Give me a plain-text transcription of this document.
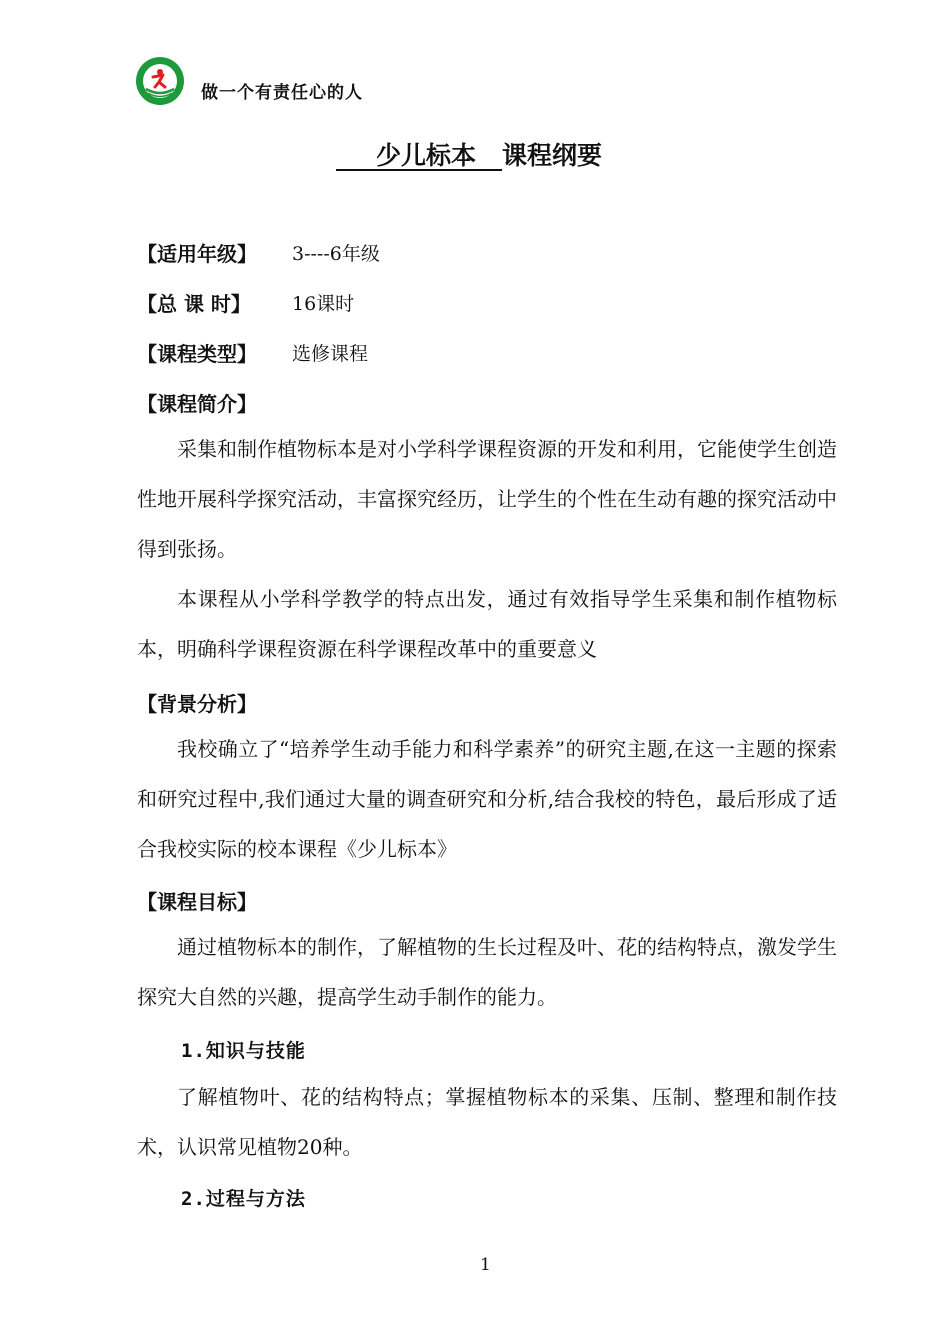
做一个有责任心的人
少儿标本 课程纲要
【适用年级】 3----6年级
【总 课 时】 16课时
【课程类型】 选修课程
【课程简介】

采集和制作植物标本是对小学科学课程资源的开发和利用，它能使学生创造性地开展科学探究活动，丰富探究经历，让学生的个性在生动有趣的探究活动中得到张扬。

本课程从小学科学教学的特点出发，通过有效指导学生采集和制作植物标本，明确科学课程资源在科学课程改革中的重要意义

【背景分析】

我校确立了“培养学生动手能力和科学素养”的研究主题,在这一主题的探索和研究过程中,我们通过大量的调查研究和分析,结合我校的特色，最后形成了适合我校实际的校本课程《少儿标本》

【课程目标】

通过植物标本的制作，了解植物的生长过程及叶、花的结构特点，激发学生探究大自然的兴趣，提高学生动手制作的能力。

1.知识与技能

了解植物叶、花的结构特点；掌握植物标本的采集、压制、整理和制作技术，认识常见植物20种。

2.过程与方法
1
